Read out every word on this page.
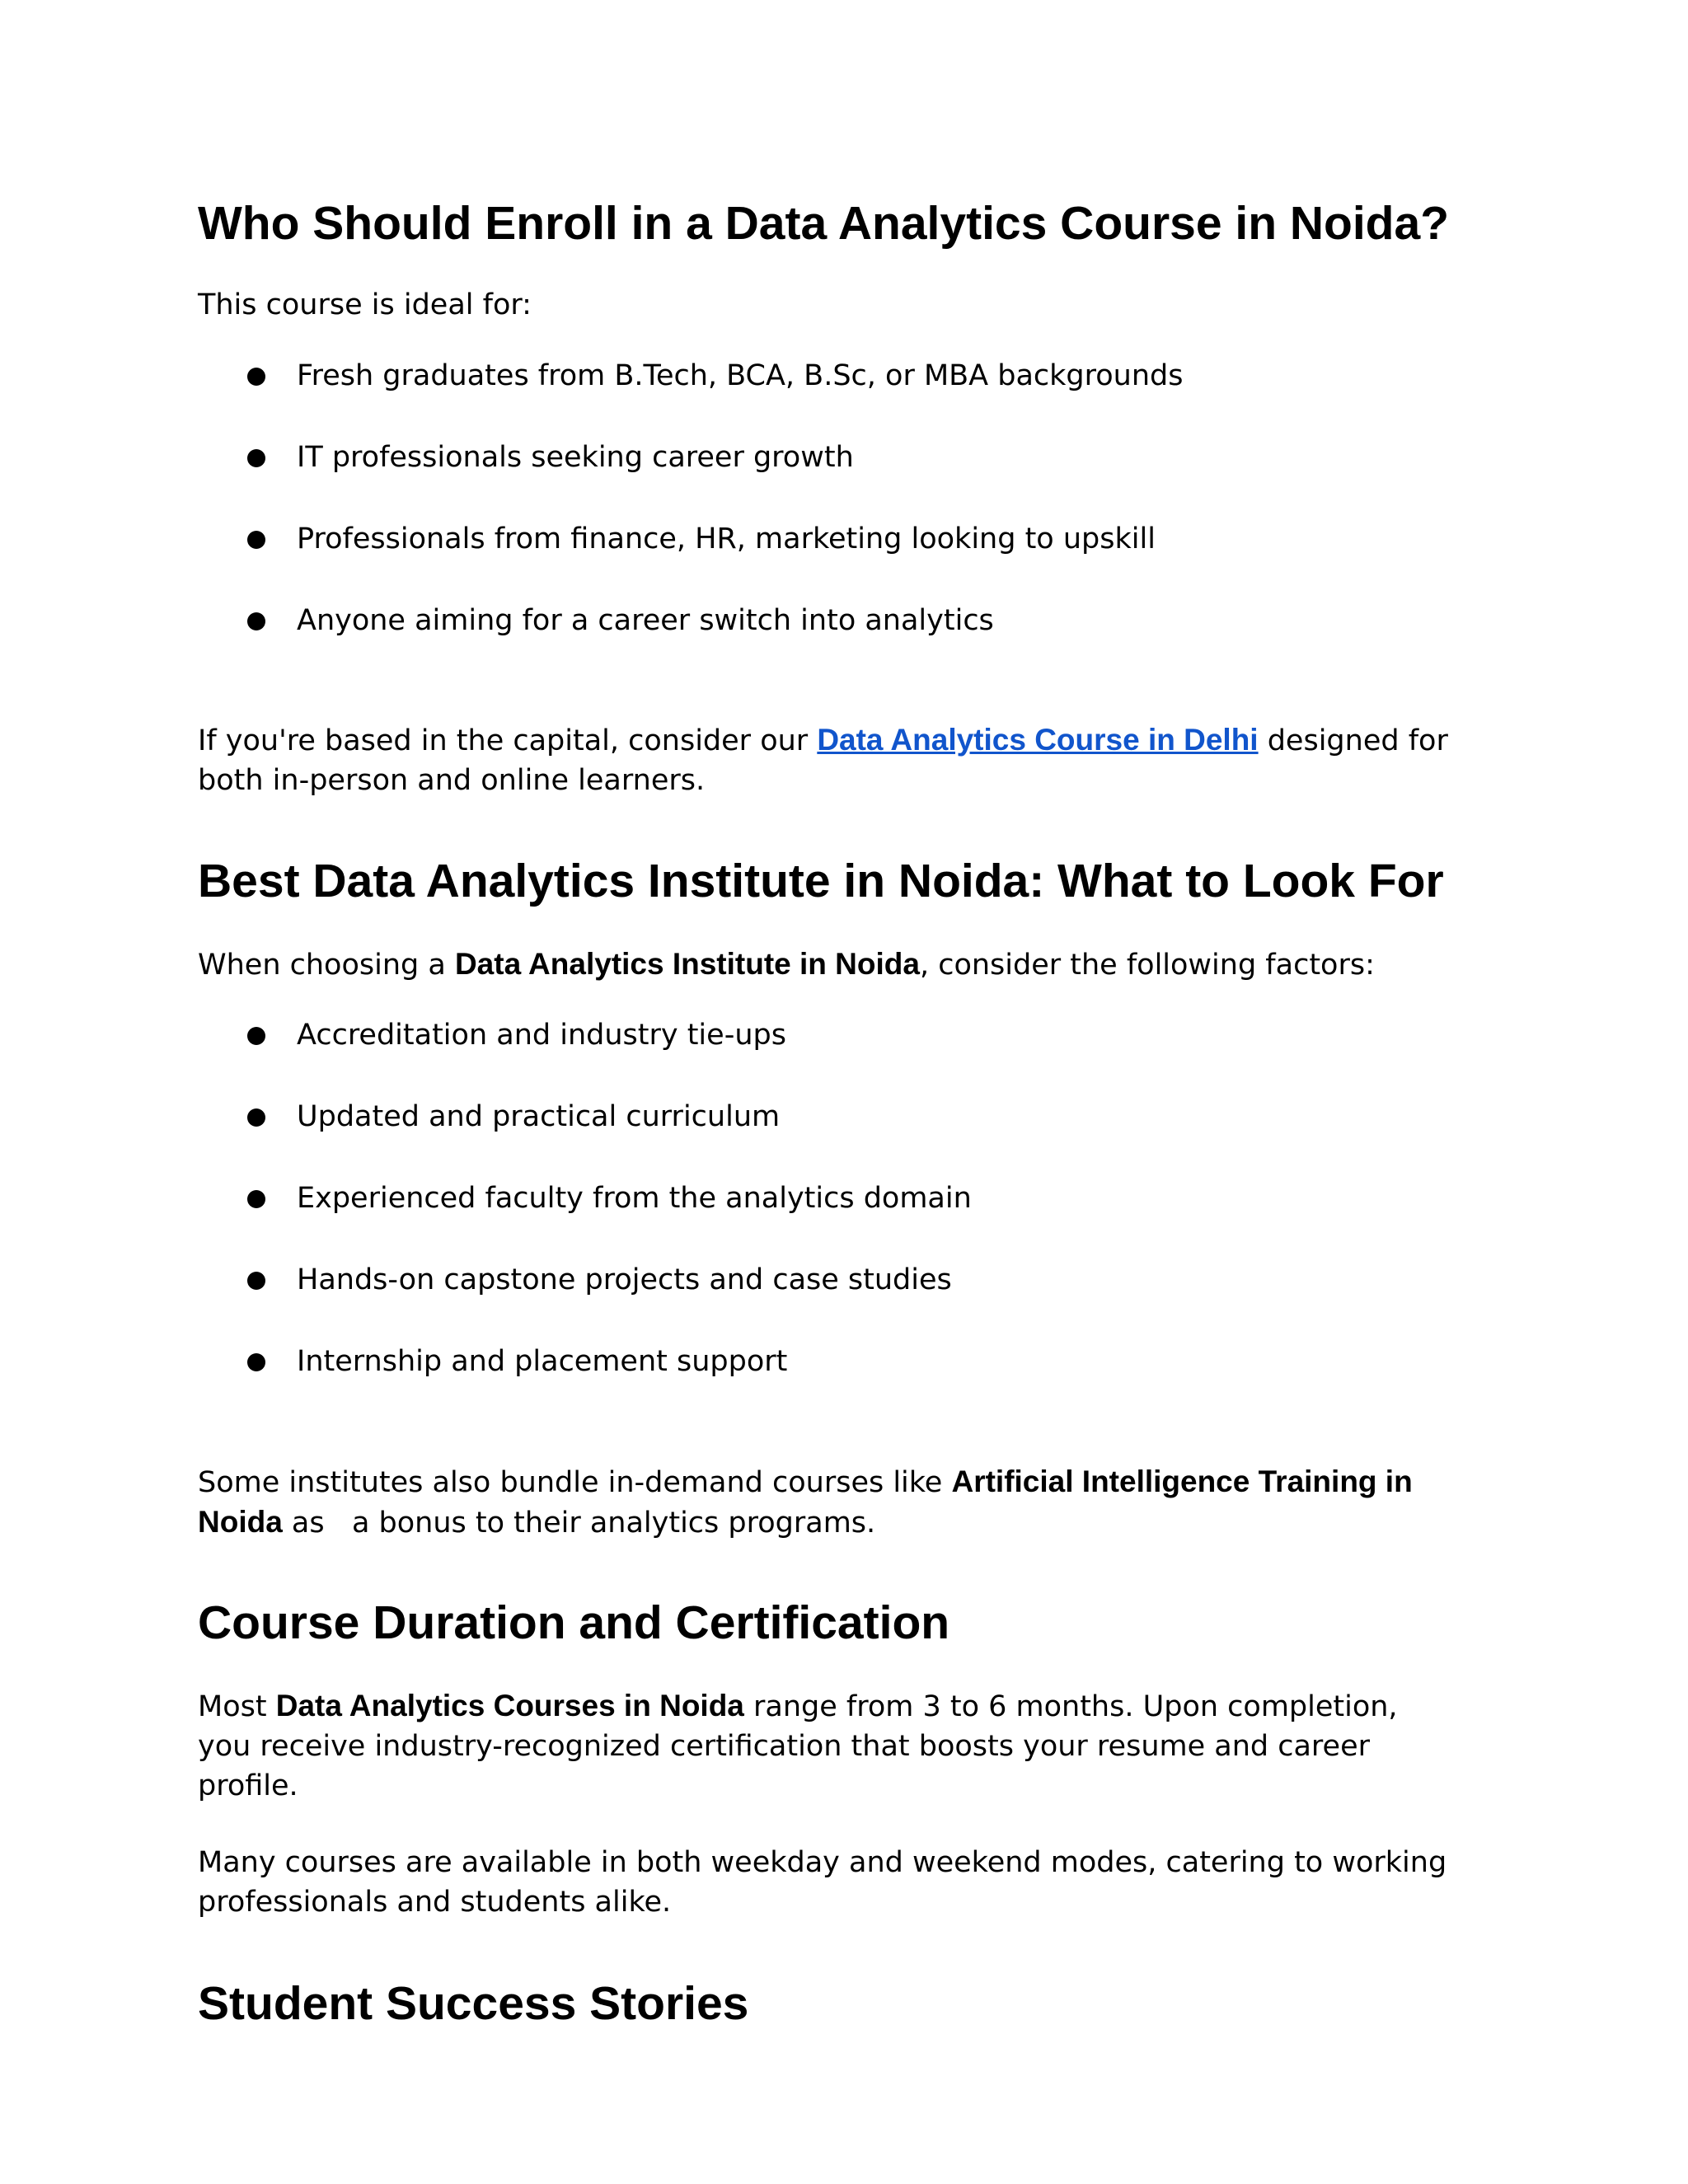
Who Should Enroll in a Data Analytics Course in Noida?

This course is ideal for:

Fresh graduates from B.Tech, BCA, B.Sc, or MBA backgrounds
IT professionals seeking career growth
Professionals from finance, HR, marketing looking to upskill
Anyone aiming for a career switch into analytics

If you're based in the capital, consider our Data Analytics Course in Delhi designed for both in-person and online learners.

Best Data Analytics Institute in Noida: What to Look For

When choosing a Data Analytics Institute in Noida, consider the following factors:

Accreditation and industry tie-ups
Updated and practical curriculum
Experienced faculty from the analytics domain
Hands-on capstone projects and case studies
Internship and placement support

Some institutes also bundle in-demand courses like Artificial Intelligence Training in Noida as   a bonus to their analytics programs.

Course Duration and Certification

Most Data Analytics Courses in Noida range from 3 to 6 months. Upon completion, you receive industry-recognized certification that boosts your resume and career profile.

Many courses are available in both weekday and weekend modes, catering to working professionals and students alike.

Student Success Stories
